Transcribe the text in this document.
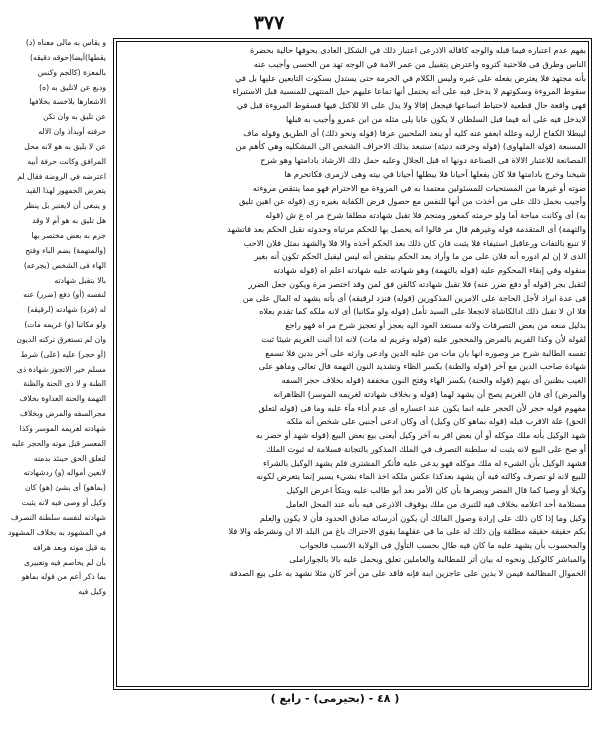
و يقاس به مالى معناه (د)
يقطها)أيضا(حوقه دقيقه)
بالمعزة (كالجم وكنس
ودبع عن لاتليق به (ه)
الاشعارها بلاخسة بخلافها
عن تليق به وان تكن
حرفته أوبدأذ وان الاله
عن لا يليق به هو لانه محل
المرافق وكانت حرفة أبيه
اعترضه في الروضة فقال لم
يتعرض الجمهور لهذا القيد
و ينبغى أن لايعتبر بل ينظر
هل تليق به هو أم لا وقد
جزم به بعض مختصر بها
(والمتهمة) بضم الباء وفتح
الهاء فى الشخص (بجرعه)
بالا بتقبل شهادته
لنفسه (أو) دفع (ضرر) عنه
له (فرد) شهادته (لرقيقه)
ولو مكاتبا (و) غريمه مات)
وان لم تستغرق تركته الديون
(أو حجر) عليه (على) شرط
مسلم خير الاتجوز شهادة ذى
الظنة و لا ذى الحنة والظنة
التهمة والحنة العداوة بخلاف
مجرالسفه والمرض وبخلاف
شهادته لغريمه الموسر وكذا
المعسر قبل موته والحجر عليه
لتعلق الحق حينئذ بذمته
لابعين أمواله (و) ردشهادته
(بماهو) أى بشئ (هو) كان
وكيل أو وصى فيه لانه يثبت
شهادته لنفسه سلطنة التصرف
في المشهود به بخلاف المشهود
به قبل موته وبعد هرافه
بأن لم يخاصم فيه وتعبيرى
بما ذكر أعم من قوله بماهو
وكيل فيه
٣٧٧
بفهم عدم اعتباره فيما قبله والوجه كاقاله الاذرعى اعتبار ذلك في الشكل العادى بحوفها حالية بحضرة
الناس وطرق فى فلاحتية كتروه واعترض بتقبيل من عمر الامة في الوجه تهد من الحسى وأجيب عنه
بأنه مجتهد فلا يعترض بفعله على غيره وليس الكلام في الحرمة حتى يستدل بسكوت التابعين عليها بل في
سقوط المروءة وسكوتهم لا يدخل فيه على أنه يحتمل أنها تماعا عليهم حيل المنتهى للمنسية قبل الاستبراء
فهي واقعة حال قطعية لاحتياط اتساعها فيجعل إقالا ولا يدل على الا للاكتل فيها فسقوط المروءة قبل في
لايدخل فيه على أنه فيما قبل السلطان لا يكون عابا يلى مثله من ابن عمرو وأجيب به قبلها
ليبطلا الكفاح أرليه وعلله ابعفو عنه كليه أو ينعد الملحبين عرفا (قوله ونحو ذلك) أى الطريق وقوله ماف
المسبعة (قوله الملهاوى) (قوله وحرفته دنيئة) ستبعد بذلك الاحراف الشخص الى المشكليه وهي كأهم من
المصانعة للاعتبار الالاة فى الصناعة دونها اه قبل الجلال وعليه حمل ذلك الارشاد بادامتها وهو شرح
شيخنا وخرج بادامتها فلا كان يفعلها أحيانا فلا يبطلها أحيانا في بيته وهى لازمرى فكاتحرم ها
صوته أو غيرها من المستحيات للمسئولين معتمدا به في المروءة مع الاحترام فهو مما ينتقص مروءته
وأجيب بحمل ذلك على من أخذت من أنها للنفس مع حصول فرض الكفاية بغيره زى (قوله عن اهين تليق
به) أى وكانت مباحة أما ولو حرمته كمغور ومنجم فلا تقبل شهادته مطلقا شرح مر اه ع ش (قوله
والتهمة) أى المتقدمة قوله وغيرهم قال مر قالوا انه يحصل بها للحكم مرتباه وحدوثه تقبل الحكم بعد فاتشهد
لا تنبع بالتفات ورعاقبل استيفاء فلا يثبت فان كان ذلك بعد الحكم أخذه والا فلا والشهد بمثل فلان الاحب
الذى لا إن لم ادوره أنه فلان على من ما وأراد بعد الحكم بيتقض أنه ليس ليقبل الحكم تكون أنه بغير
منقوله وفي إبقاء المحكوم عليه (قوله بالتهمة) وهو شهادته عليه شهادته اعلم اه (قوله شهادته
لتقبل بجر (قوله أو دفع ضرر عنه) فلا تقبل شهادته كالقن فق لمن وقد اختصر مرة ويكون جعل الضرر
فى عدة ابراد لأجل الحاجة على الامرين المذكورين (قوله) فنزد لرقيقه) أى بأنه يشهد له المال على من
فلا ان لا تقبل ذلك ادالكاشاة لاتجعلا على السيد تأمل (قوله ولو مكاتبا) أى لانه ملكه كما تقدم بعلاه
بدليل منعه من بعض التصرفات ولانه مستعد العود اليه بعجز أو تعجيز شرح مر اه فهو راجع
لقوله لأن وكذا الفريم بالمرض والمحجور عليه (قوله وغريم له مات) لانه اذا أثبت الغريم شيئا ثبت
تفسه الطالبة شرح مر وصوره انها بان مات من عليه الدين وادعى وارثه على آخر بدين فلا تسمع
شهادة صاحب الدين مع آخر (قوله والظنة) بكسر الظاء وتشديد النون التهمة قال تعالى وماهو على
الغيب بظنين أى بتهم (قوله والحنة) بكسر الهاء وفتح النون مخففة (قوله بخلاف حجر السفه
والمرض) أى فان الغريم يصح أن يشهد لهما (قوله و بخلاف شهادته لغريمه الموسر) الظاهرانه
مفهوم قوله حجر لأن الحجر عليه انما يكون عند اعساره أى عدم أداء مآء علبه وما فى (قوله لتعلق
الحق) علة الاقرب قبله (قوله بماهو كان وكيل) أى وكان ادعى أجنبي على شخص أنه ملكه
شهد الوكيل بأنه ملك موكله أو أن بعض اقر به آخر وكيل أيعنى بيع بعض البيع (قوله شهد أو حضر به
أو صح على البيع لانه يثبت له سلطنة التصرف في الملك المذكور بالتجانة فسلامة له ثبوت الملك
فشهد الوكيل بأن الشيء له ملك موكله فهو يدعى عليه فأنكر المشترى فلم يشهد الوكيل بالشراء
للبيع لانه لو تصرف وكالته فيه أن يشهد بعدكذا عكس ملكه اخذ الماء بشيء يسير إنما يتعرض لكونه
وكيلا أو وصيا كما قال المضر ويضرها بأن كان الأمر بعد أبو طالب عليه ويتكأ اعرض الوكيل
مستلامة أحد اعلامه بخلاف فيه للتبرى من ملك يوقوف الاذرعى فيه بأنه عند المحل العامل
وكيل وما إذا كان ذلك على إرادة وصول المالك أن يكون أدرسائه صادق الحدود فأن لا يكون والعلم
بكم حقيقة حقيقه مطلقة وإن ذلك له على ما في عقلهما يقوي الاحتراك باغ من البلد الا ان ونشرطه والا فلا
والمحسوب بأن يشهد عليه ما كان فيه طال بحسب التأول فى الولاية الانسب فالجواب
والمباشر كالوكيل ونحوه له بيان أثر للمطالبة والعاملين تعلق ويحمل عليه بالا بالجوازاملى
الخموال المظالمة فيمن لا بدين على عاجزين ابنة فإنه فاقد على من أخر كان مثلا نشهد به على بيع الصدقة
( ٤٨ - (بحيرمى) - رابع )
